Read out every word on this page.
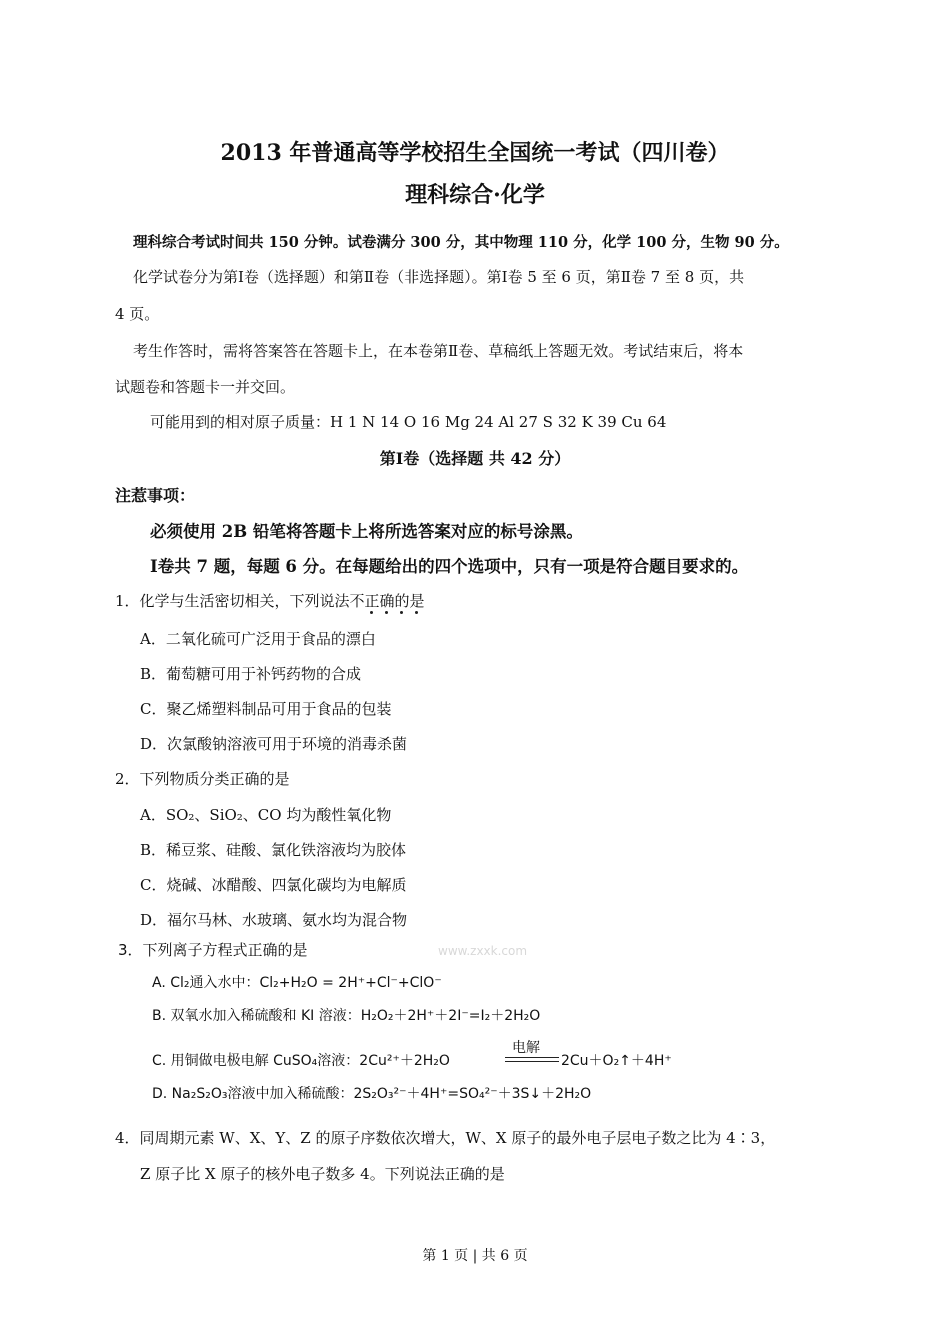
2013 年普通高等学校招生全国统一考试（四川卷）
理科综合·化学
理科综合考试时间共 150 分钟。试卷满分 300 分，其中物理 110 分，化学 100 分，生物 90 分。
化学试卷分为第Ⅰ卷（选择题）和第Ⅱ卷（非选择题）。第Ⅰ卷 5 至 6 页，第Ⅱ卷 7 至 8 页，共
4 页。
考生作答时，需将答案答在答题卡上，在本卷第Ⅱ卷、草稿纸上答题无效。考试结束后，将本
试题卷和答题卡一并交回。
可能用到的相对原子质量：H 1 N 14 O 16 Mg 24 Al 27 S 32 K 39 Cu 64
第Ⅰ卷（选择题 共 42 分）
注惹事项：
必须使用 2B 铅笔将答题卡上将所选答案对应的标号涂黑。
Ⅰ卷共 7 题，每题 6 分。在每题给出的四个选项中，只有一项是符合题目要求的。
1．化学与生活密切相关，下列说法不正确的是
A．二氧化硫可广泛用于食品的漂白
B．葡萄糖可用于补钙药物的合成
C．聚乙烯塑料制品可用于食品的包装
D．次氯酸钠溶液可用于环境的消毒杀菌
2．下列物质分类正确的是
A．SO₂、SiO₂、CO 均为酸性氧化物
B．稀豆浆、硅酸、氯化铁溶液均为胶体
C．烧碱、冰醋酸、四氯化碳均为电解质
D．福尔马林、水玻璃、氨水均为混合物
3．下列离子方程式正确的是	www.zxxk.com
A. Cl₂通入水中：Cl₂+H₂O = 2H⁺+Cl⁻+ClO⁻
B. 双氧水加入稀硫酸和 KI 溶液：H₂O₂＋2H⁺＋2I⁻=I₂＋2H₂O
C. 用铜做电极电解 CuSO₄溶液：2Cu²⁺＋2H₂O
电解
2Cu＋O₂↑＋4H⁺
D. Na₂S₂O₃溶液中加入稀硫酸：2S₂O₃²⁻＋4H⁺=SO₄²⁻＋3S↓＋2H₂O
4．同周期元素 W、X、Y、Z 的原子序数依次增大，W、X 原子的最外电子层电子数之比为 4∶3，
Z 原子比 X 原子的核外电子数多 4。下列说法正确的是
第 1 页 | 共 6 页
